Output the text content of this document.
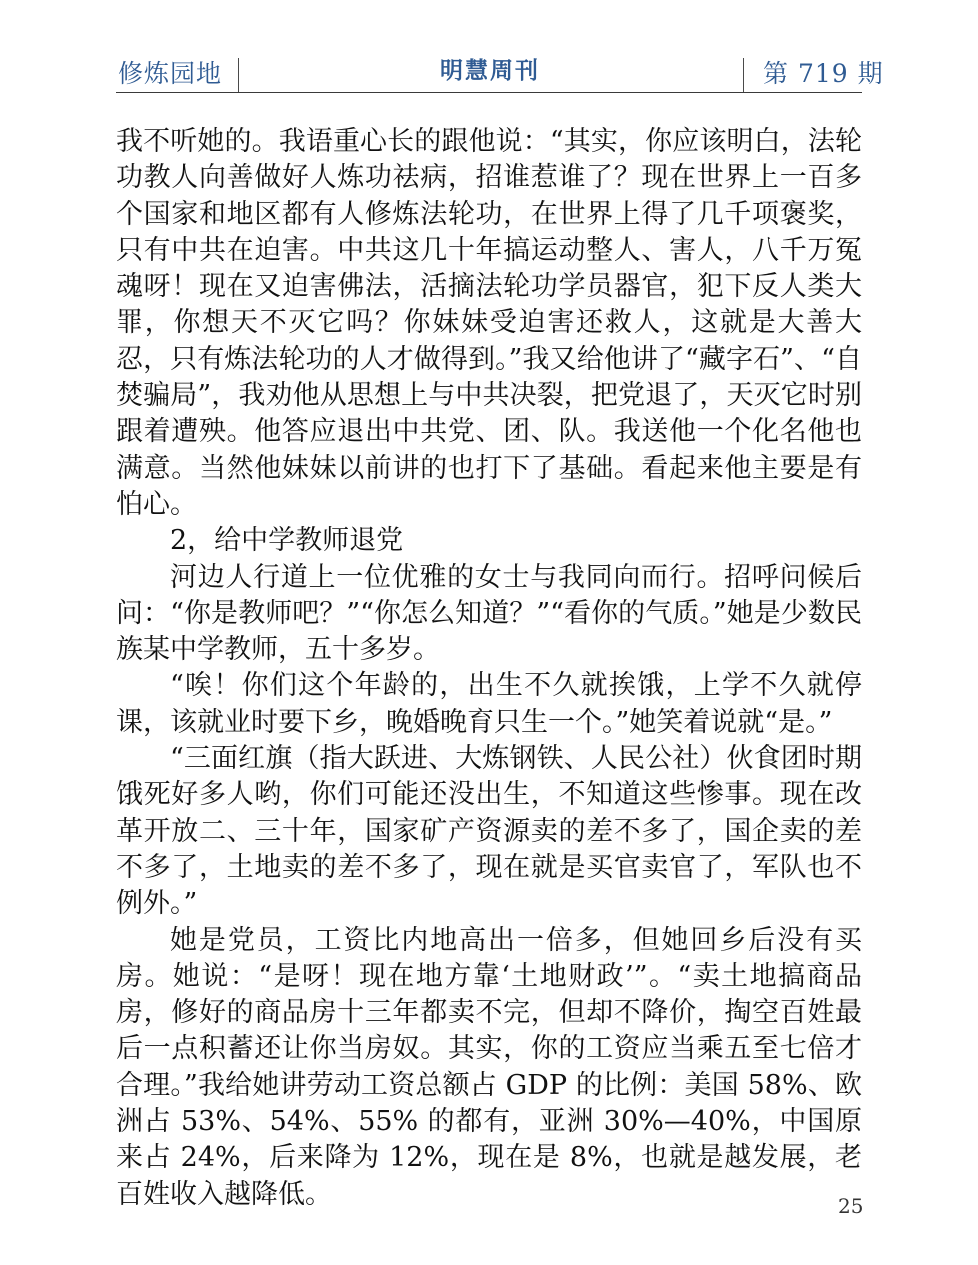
修炼园地	明慧周刊	第 719 期

我不听她的。我语重心长的跟他说：“其实，你应该明白，法轮功教人向善做好人炼功祛病，招谁惹谁了？现在世界上一百多个国家和地区都有人修炼法轮功，在世界上得了几千项褒奖，只有中共在迫害。中共这几十年搞运动整人、害人，八千万冤魂呀！现在又迫害佛法，活摘法轮功学员器官，犯下反人类大罪，你想天不灭它吗？你妹妹受迫害还救人，这就是大善大忍，只有炼法轮功的人才做得到。”我又给他讲了“藏字石”、“自焚骗局”，我劝他从思想上与中共决裂，把党退了，天灭它时别跟着遭殃。他答应退出中共党、团、队。我送他一个化名他也满意。当然他妹妹以前讲的也打下了基础。看起来他主要是有怕心。

2，给中学教师退党

河边人行道上一位优雅的女士与我同向而行。招呼问候后问：“你是教师吧？”“你怎么知道？”“看你的气质。”她是少数民族某中学教师，五十多岁。

“唉！你们这个年龄的，出生不久就挨饿，上学不久就停课，该就业时要下乡，晚婚晚育只生一个。”她笑着说就“是。”

“三面红旗（指大跃进、大炼钢铁、人民公社）伙食团时期饿死好多人哟，你们可能还没出生，不知道这些惨事。现在改革开放二、三十年，国家矿产资源卖的差不多了，国企卖的差不多了，土地卖的差不多了，现在就是买官卖官了，军队也不例外。”

她是党员，工资比内地高出一倍多，但她回乡后没有买房。她说：“是呀！现在地方靠‘土地财政’”。“卖土地搞商品房，修好的商品房十三年都卖不完，但却不降价，掏空百姓最后一点积蓄还让你当房奴。其实，你的工资应当乘五至七倍才合理。”我给她讲劳动工资总额占 GDP 的比例：美国 58%、欧洲占 53%、54%、55% 的都有，亚洲 30%—40%，中国原来占 24%，后来降为 12%，现在是 8%，也就是越发展，老百姓收入越降低。	25
